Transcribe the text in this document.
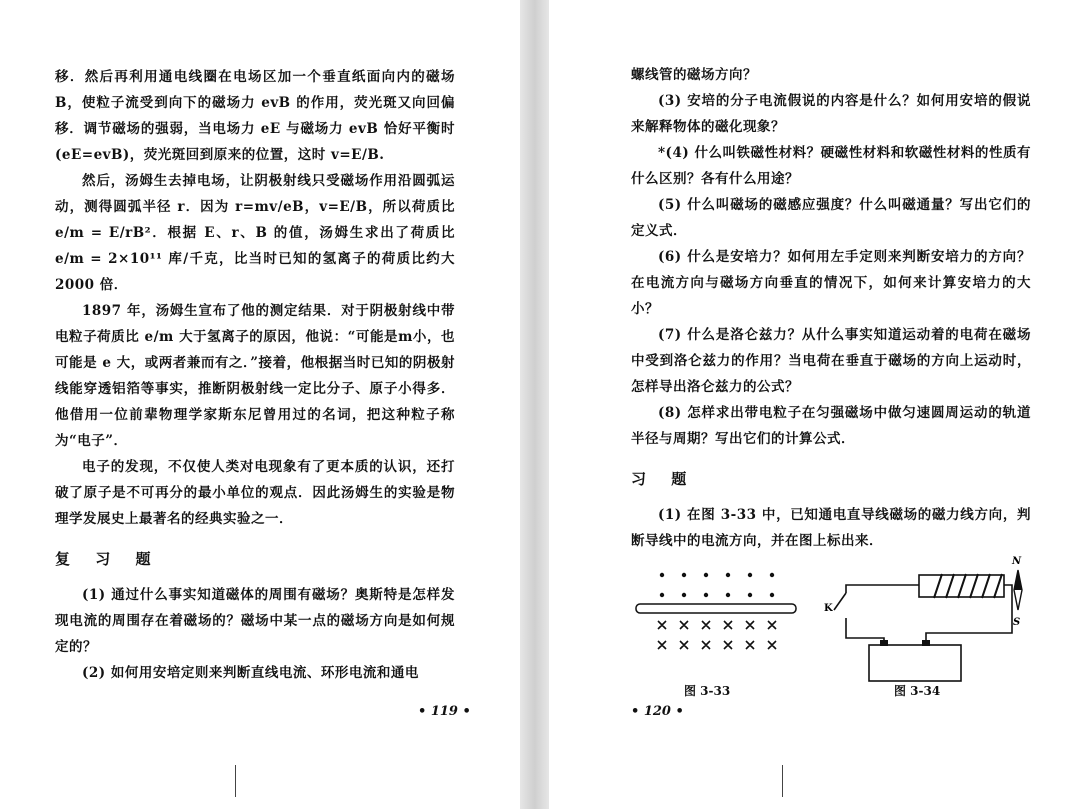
移．然后再利用通电线圈在电场区加一个垂直纸面向内的磁场 B，使粒子流受到向下的磁场力 evB 的作用，荧光斑又向回偏移．调节磁场的强弱，当电场力 eE 与磁场力 evB 恰好平衡时(eE=evB)，荧光斑回到原来的位置，这时 v=E/B.

然后，汤姆生去掉电场，让阴极射线只受磁场作用沿圆弧运动，测得圆弧半径 r．因为 r=mv/eB，v=E/B，所以荷质比 e/m = E/rB²．根据 E、r、B 的值，汤姆生求出了荷质比 e/m = 2×10¹¹ 库/千克，比当时已知的氢离子的荷质比约大 2000 倍．

1897 年，汤姆生宣布了他的测定结果．对于阴极射线中带电粒子荷质比 e/m 大于氢离子的原因，他说：“可能是m小，也可能是 e 大，或两者兼而有之．”接着，他根据当时已知的阴极射线能穿透铝箔等事实，推断阴极射线一定比分子、原子小得多．他借用一位前辈物理学家斯东尼曾用过的名词，把这种粒子称为“电子”．

电子的发现，不仅使人类对电现象有了更本质的认识，还打破了原子是不可再分的最小单位的观点．因此汤姆生的实验是物理学发展史上最著名的经典实验之一．

复 习 题

(1) 通过什么事实知道磁体的周围有磁场？奥斯特是怎样发现电流的周围存在着磁场的？磁场中某一点的磁场方向是如何规定的？

(2) 如何用安培定则来判断直线电流、环形电流和通电

• 119 •

螺线管的磁场方向？

(3) 安培的分子电流假说的内容是什么？如何用安培的假说来解释物体的磁化现象？

*(4) 什么叫铁磁性材料？硬磁性材料和软磁性材料的性质有什么区别？各有什么用途？

(5) 什么叫磁场的磁感应强度？什么叫磁通量？写出它们的定义式．

(6) 什么是安培力？如何用左手定则来判断安培力的方向？在电流方向与磁场方向垂直的情况下，如何来计算安培力的大小？

(7) 什么是洛仑兹力？从什么事实知道运动着的电荷在磁场中受到洛仑兹力的作用？当电荷在垂直于磁场的方向上运动时，怎样导出洛仑兹力的公式？

(8) 怎样求出带电粒子在匀强磁场中做匀速圆周运动的轨道半径与周期？写出它们的计算公式．

习 题

(1) 在图 3-33 中，已知通电直导线磁场的磁力线方向，判断导线中的电流方向，并在图上标出来．

图 3-33
K
N
S
图 3-34
• 120 •
